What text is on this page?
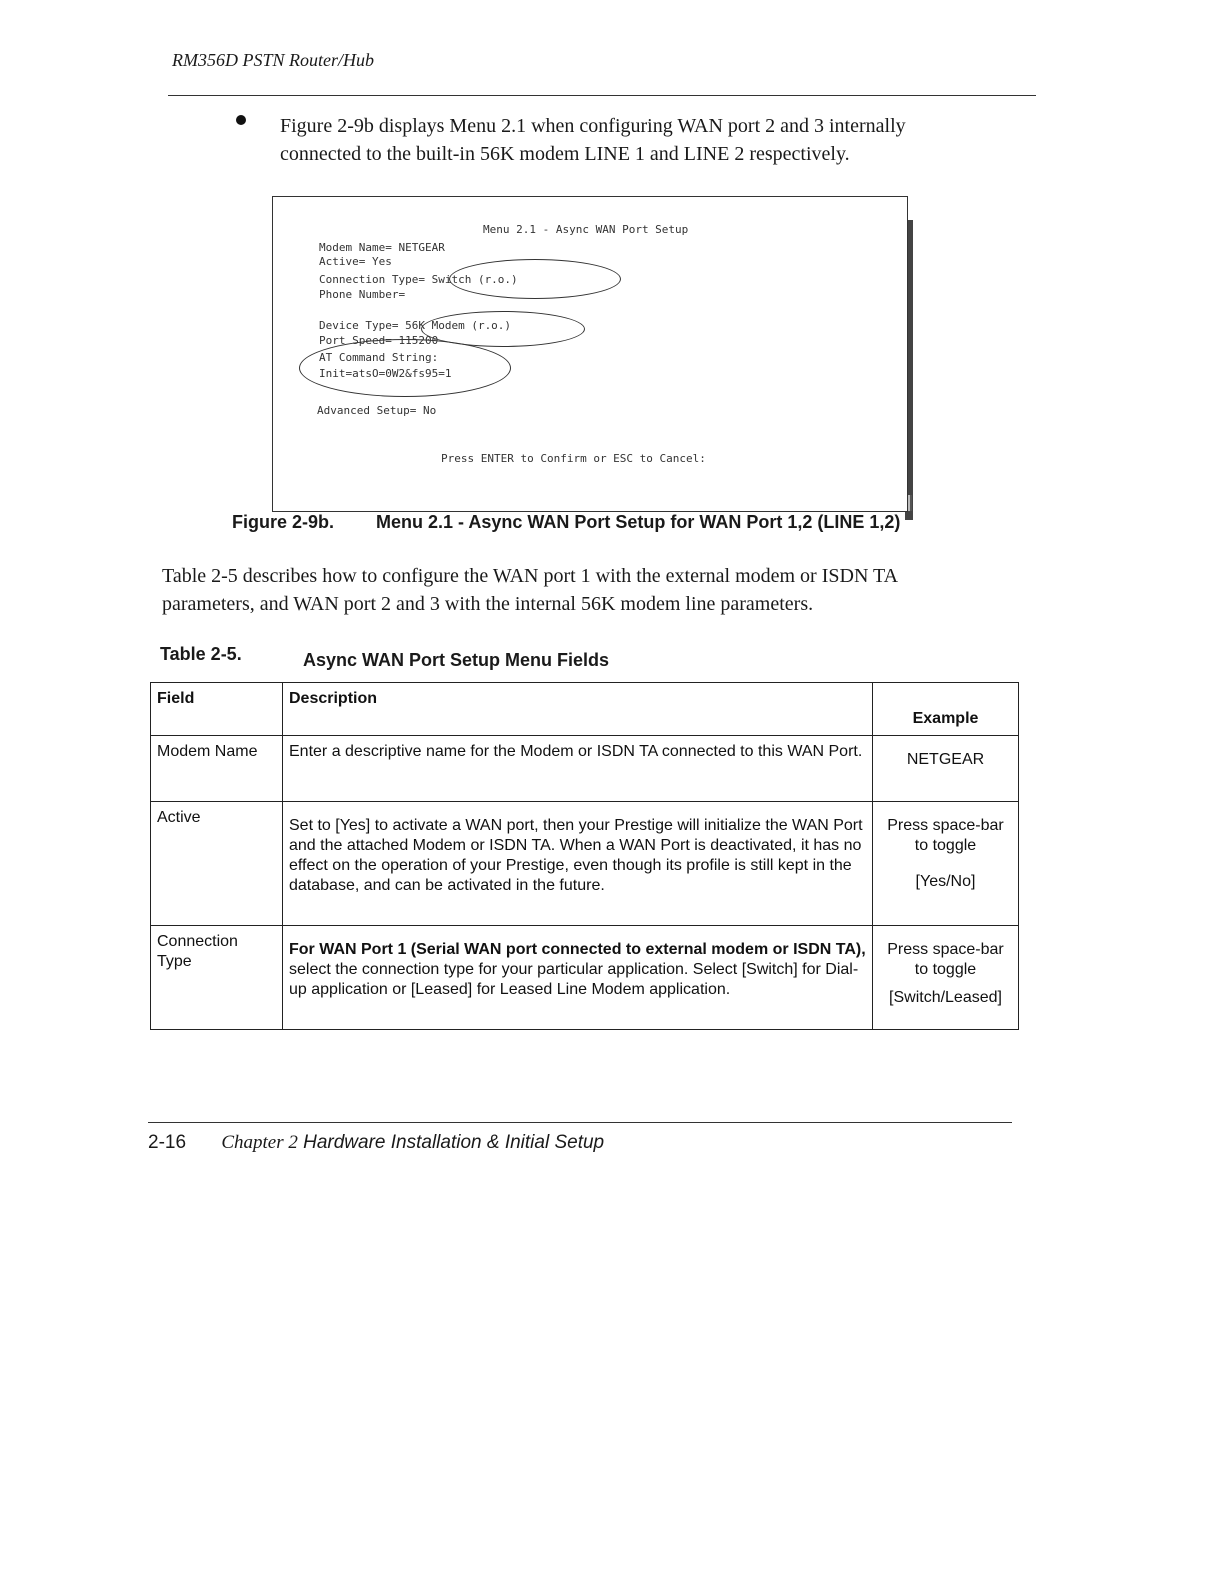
RM356D PSTN Router/Hub
Figure 2-9b displays Menu 2.1 when configuring WAN port 2 and 3 internally connected to the built-in 56K modem LINE 1 and LINE 2 respectively.
Menu 2.1 - Async WAN Port Setup
Modem Name= NETGEAR
Active= Yes
Connection Type= Switch (r.o.)
Phone Number=
Device Type= 56K Modem (r.o.)
Port Speed= 115200
AT Command String:
Init=atsO=0W2&fs95=1
Advanced Setup= No
Press ENTER to Confirm or ESC to Cancel:
Figure 2-9b. Menu 2.1 - Async WAN Port Setup for WAN Port 1,2 (LINE 1,2)
Table 2-5 describes how to configure the WAN port 1 with the external modem or ISDN TA parameters, and WAN port 2 and 3 with the internal 56K modem line parameters.
Table 2-5.	Async WAN Port Setup Menu Fields
Field	Description	Example
Modem Name	Enter a descriptive name for the Modem or ISDN TA connected to this WAN Port.	NETGEAR

Active	Set to [Yes] to activate a WAN port, then your Prestige will initialize the WAN Port and the attached Modem or ISDN TA. When a WAN Port is deactivated, it has no effect on the operation of your Prestige, even though its profile is still kept in the database, and can be activated in the future.	Press space-bar to toggle
[Yes/No]

Connection Type	For WAN Port 1 (Serial WAN port connected to external modem or ISDN TA), select the connection type for your particular application. Select [Switch] for Dial-up application or [Leased] for Leased Line Modem application.	Press space-bar to toggle
[Switch/Leased]
2-16 Chapter 2 Hardware Installation & Initial Setup
